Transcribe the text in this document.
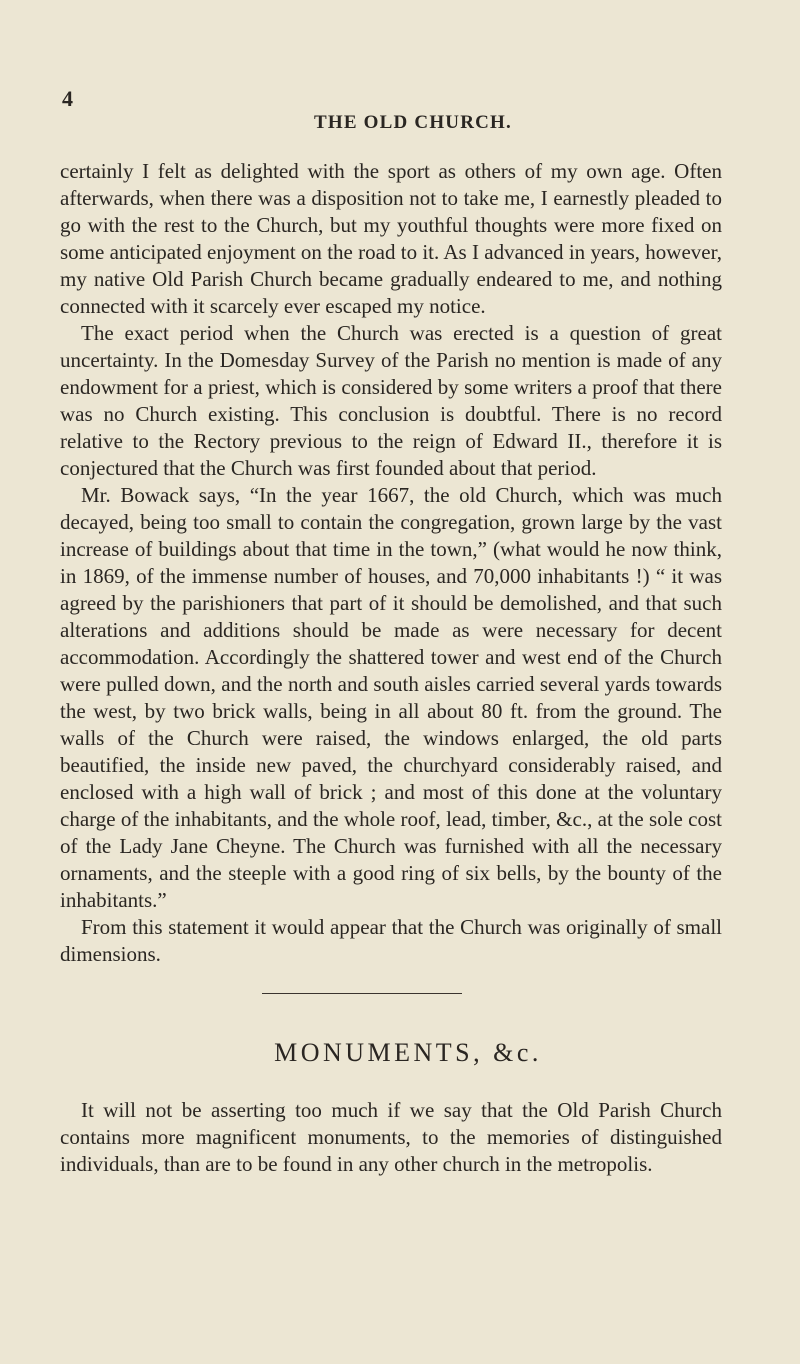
4
THE OLD CHURCH.

certainly I felt as delighted with the sport as others of my own age. Often afterwards, when there was a disposition not to take me, I earnestly pleaded to go with the rest to the Church, but my youthful thoughts were more fixed on some anticipated enjoyment on the road to it. As I advanced in years, however, my native Old Parish Church became gradually endeared to me, and nothing connected with it scarcely ever escaped my notice.

The exact period when the Church was erected is a question of great uncertainty. In the Domesday Survey of the Parish no mention is made of any endowment for a priest, which is considered by some writers a proof that there was no Church existing. This conclusion is doubtful. There is no record relative to the Rectory previous to the reign of Edward II., therefore it is conjectured that the Church was first founded about that period.

Mr. Bowack says, “In the year 1667, the old Church, which was much decayed, being too small to contain the congregation, grown large by the vast increase of buildings about that time in the town,” (what would he now think, in 1869, of the immense number of houses, and 70,000 inhabitants !) “ it was agreed by the parishioners that part of it should be demolished, and that such alterations and additions should be made as were necessary for decent accommodation. Accordingly the shattered tower and west end of the Church were pulled down, and the north and south aisles carried several yards towards the west, by two brick walls, being in all about 80 ft. from the ground. The walls of the Church were raised, the windows enlarged, the old parts beautified, the inside new paved, the churchyard considerably raised, and enclosed with a high wall of brick ; and most of this done at the voluntary charge of the inhabitants, and the whole roof, lead, timber, &c., at the sole cost of the Lady Jane Cheyne. The Church was furnished with all the necessary ornaments, and the steeple with a good ring of six bells, by the bounty of the inhabitants.”

From this statement it would appear that the Church was originally of small dimensions.

MONUMENTS, &c.

It will not be asserting too much if we say that the Old Parish Church contains more magnificent monuments, to the memories of distinguished individuals, than are to be found in any other church in the metropolis.
